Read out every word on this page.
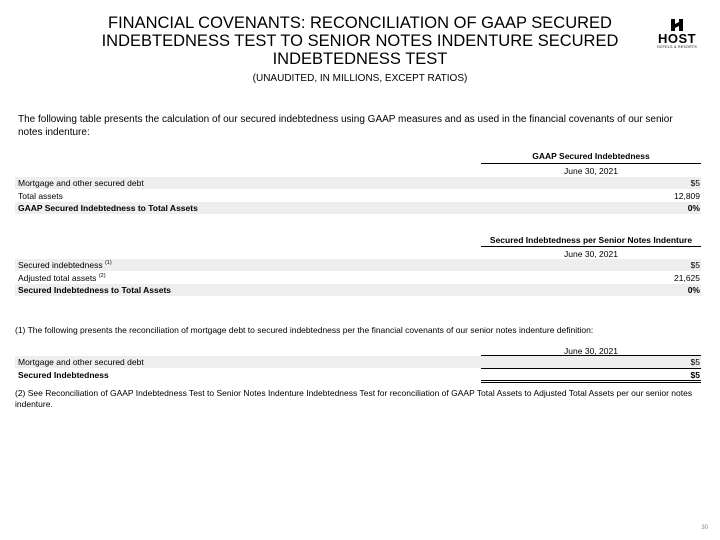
FINANCIAL COVENANTS: RECONCILIATION OF GAAP SECURED
INDEBTEDNESS TEST TO SENIOR NOTES INDENTURE SECURED
INDEBTEDNESS TEST
(UNAUDITED, IN MILLIONS, EXCEPT RATIOS)
HOST
HOTELS & RESORTS
The following table presents the calculation of our secured indebtedness using GAAP measures and as used in the financial covenants of our senior notes indenture:
GAAP Secured Indebtedness
June 30, 2021
Mortgage and other secured debt	$5
Total assets	12,809
GAAP Secured Indebtedness to Total Assets	0%
Secured Indebtedness per Senior Notes Indenture
June 30, 2021
Secured indebtedness $^{(1)}$	$5
Adjusted total assets $^{(2)}$	21,625
Secured Indebtedness to Total Assets	0%
(1) The following presents the reconciliation of mortgage debt to secured indebtedness per the financial covenants of our senior notes indenture definition:
June 30, 2021
Mortgage and other secured debt	$5
Secured Indebtedness	$5
(2) See Reconciliation of GAAP Indebtedness Test to Senior Notes Indenture Indebtedness Test for reconciliation of GAAP Total Assets to Adjusted Total Assets per our senior notes indenture.
30
